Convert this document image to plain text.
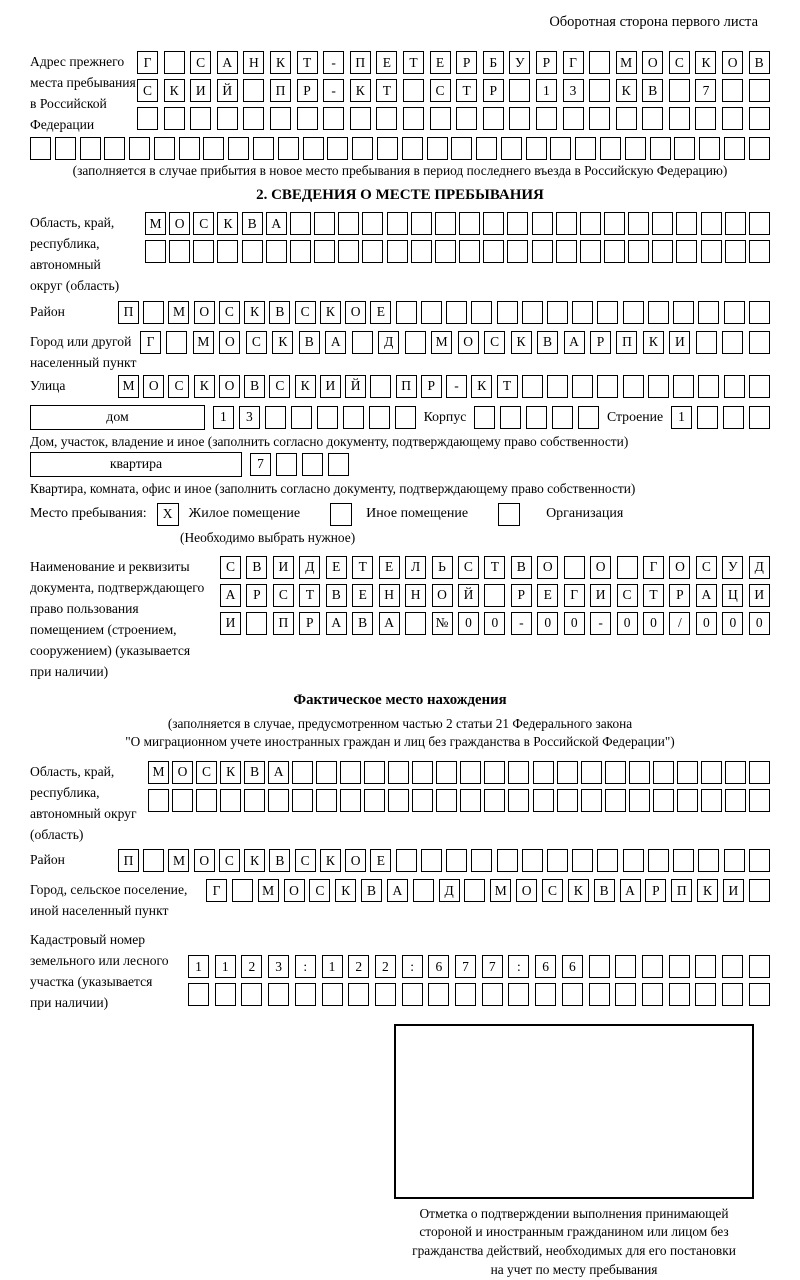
Оборотная сторона первого листа
Адрес прежнего
места пребывания
в Российской
Федерации
Г	С	А	Н	К	Т	-	П	Е	Т	Е	Р	Б	У	Р	Г	М	О	С	К	О	В
С	К	И	Й	П	Р	-	К	Т	С	Т	Р	1	3	К	В	7
(заполняется в случае прибытия в новое место пребывания в период последнего въезда в Российскую Федерацию)
2. СВЕДЕНИЯ О МЕСТЕ ПРЕБЫВАНИЯ
Область, край,
республика,
автономный
округ (область)
М О	С	К	В	А
Район	П	М	О	С	К	В	С	К	О	Е
Город или другой
населенный пункт
Г	М	О	С	К	В	А	Д	М	О	С	К	В	А	Р	П	К	И
Улица	М	О	С	К	О	В	С	К	И	Й	П	Р	-	К	Т
дом	1	3	Корпус	Строение	1
Дом, участок, владение и иное (заполнить согласно документу, подтверждающему право собственности)
квартира	7
Квартира, комната, офис и иное (заполнить согласно документу, подтверждающему право собственности)
Место пребывания:	X	Жилое помещение	Иное помещение	Организация
(Необходимо выбрать нужное)
Наименование и реквизиты
документа, подтверждающего
право пользования
помещением (строением,
сооружением) (указывается
при наличии)
С	В	И	Д	Е	Т	Е	Л	Ь	С	Т	В	О	О	Г	О	С	У	Д
А	Р	С	Т	В	Е	Н	Н	О	Й	Р	Е	Г	И	С	Т	Р	А	Ц	И
И	П	Р	А	В	А	№	0	0	-	0	0	-	0	0	/	0	0	0
Фактическое место нахождения
(заполняется в случае, предусмотренном частью 2 статьи 21 Федерального закона
"О миграционном учете иностранных граждан и лиц без гражданства в Российской Федерации")
Область, край,
республика,
автономный округ
(область)
М О	С	К	В	А
Район	П	М	О	С	К	В	С	К	О	Е
Город, сельское поселение,
иной населенный пункт
Г	М	О	С	К	В	А	Д	М	О	С	К	В	А	Р	П	К	И
Кадастровый номер
земельного или лесного
участка (указывается
при наличии)
1	1	2	3	:	1	2	2	:	6	7	7	:	6	6
Отметка о подтверждении выполнения принимающей
стороной и иностранным гражданином или лицом без
гражданства действий, необходимых для его постановки
на учет по месту пребывания
